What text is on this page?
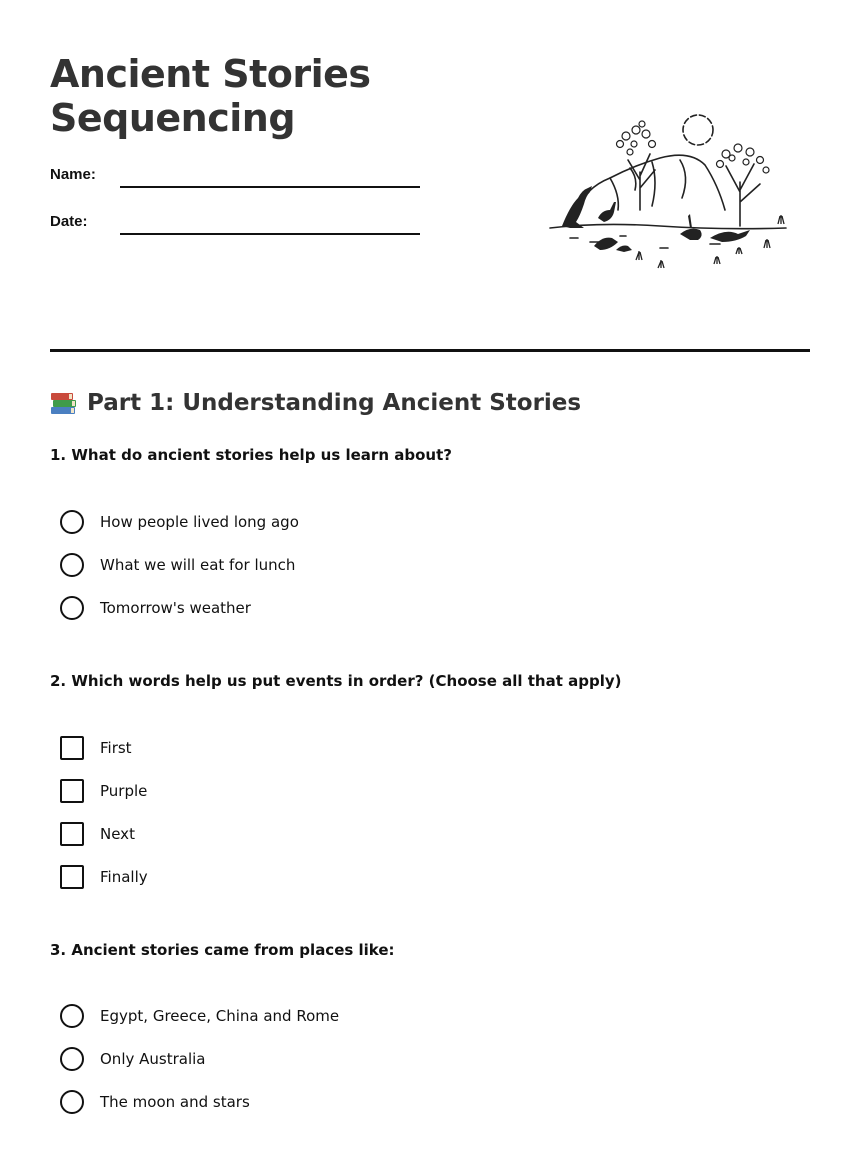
Ancient Stories
Sequencing
Name:
Date:
Part 1: Understanding Ancient Stories
1. What do ancient stories help us learn about?
How people lived long ago
What we will eat for lunch
Tomorrow's weather
2. Which words help us put events in order? (Choose all that apply)
First
Purple
Next
Finally
3. Ancient stories came from places like:
Egypt, Greece, China and Rome
Only Australia
The moon and stars
